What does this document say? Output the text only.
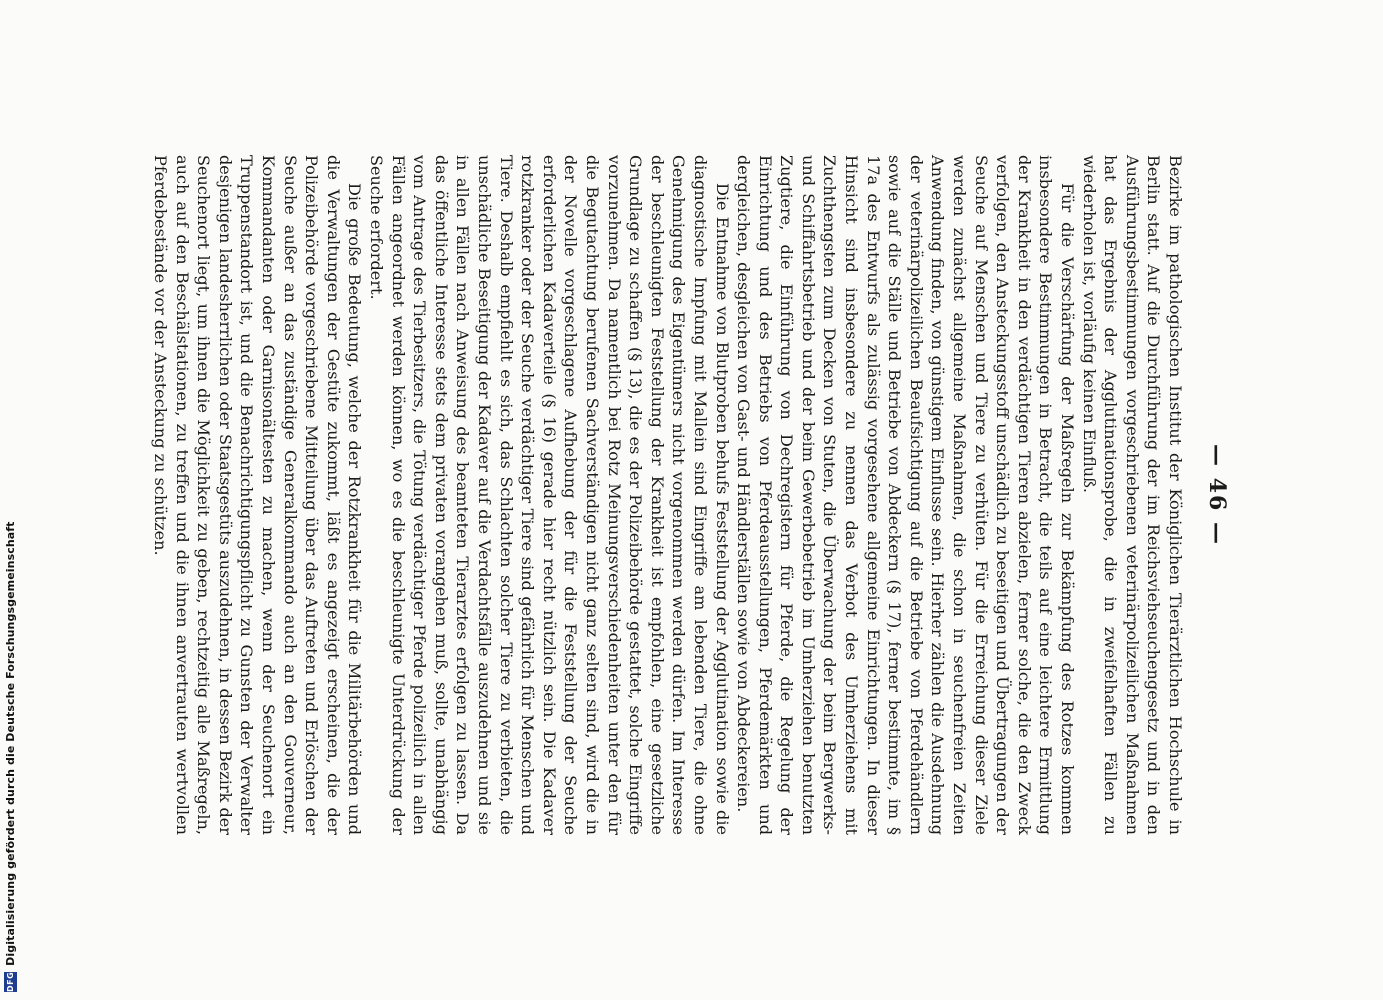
— 46 —

Bezirke im pathologischen Institut der Königlichen Tierärztlichen Hochschule in Berlin statt. Auf die Durchführung der im Reichsviehseuchengesetz und in den Ausführungsbestimmungen vorgeschriebenen veterinärpolizeilichen Maßnahmen hat das Ergebnis der Agglutinationsprobe, die in zweifelhaften Fällen zu wiederholen ist, vorläufig keinen Einfluß.

Für die Verschärfung der Maßregeln zur Bekämpfung des Rotzes kommen insbesondere Bestimmungen in Betracht, die teils auf eine leichtere Ermittlung der Krankheit in den verdächtigen Tieren abzielen, ferner solche, die den Zweck verfolgen, den Ansteckungsstoff unschädlich zu beseitigen und Übertragungen der Seuche auf Menschen und Tiere zu verhüten. Für die Erreichung dieser Ziele werden zunächst allgemeine Maßnahmen, die schon in seuchenfreien Zeiten Anwendung finden, von günstigem Einflusse sein. Hierher zählen die Ausdehnung der veterinärpolizeilichen Beaufsichtigung auf die Betriebe von Pferdehändlern sowie auf die Ställe und Betriebe von Abdeckern (§ 17), ferner bestimmte, im § 17a des Entwurfs als zulässig vorgesehene allgemeine Einrichtungen. In dieser Hinsicht sind insbesondere zu nennen das Verbot des Umherziehens mit Zuchthengsten zum Decken von Stuten, die Überwachung der beim Bergwerks- und Schiffahrtsbetrieb und der beim Gewerbebetrieb im Umherziehen benutzten Zugtiere, die Einführung von Dechregistern für Pferde, die Regelung der Einrichtung und des Betriebs von Pferdeausstellungen, Pferdemärkten und dergleichen, desgleichen von Gast- und Händlerställen sowie von Abdeckereien.

Die Entnahme von Blutproben behufs Feststellung der Agglutination sowie die diagnostische Impfung mit Mallein sind Eingriffe am lebenden Tiere, die ohne Genehmigung des Eigentümers nicht vorgenommen werden dürfen. Im Interesse der beschleunigten Feststellung der Krankheit ist empfohlen, eine gesetzliche Grundlage zu schaffen (§ 13), die es der Polizeibehörde gestattet, solche Eingriffe vorzunehmen. Da namentlich bei Rotz Meinungsverschiedenheiten unter den für die Begutachtung berufenen Sachverständigen nicht ganz selten sind, wird die in der Novelle vorgeschlagene Aufhebung der für die Feststellung der Seuche erforderlichen Kadaverteile (§ 16) gerade hier recht nützlich sein. Die Kadaver rotzkranker oder der Seuche verdächtiger Tiere sind gefährlich für Menschen und Tiere. Deshalb empfiehlt es sich, das Schlachten solcher Tiere zu verbieten, die unschädliche Beseitigung der Kadaver auf die Verdachtsfälle auszudehnen und sie in allen Fällen nach Anweisung des beamteten Tierarztes erfolgen zu lassen. Da das öffentliche Interesse stets dem privaten vorangehen muß, sollte, unabhängig vom Antrage des Tierbesitzers, die Tötung verdächtiger Pferde polizeilich in allen Fällen angeordnet werden können, wo es die beschleunigte Unterdrückung der Seuche erfordert.

Die große Bedeutung, welche der Rotzkrankheit für die Militärbehörden und die Verwaltungen der Gestüte zukommt, läßt es angezeigt erscheinen, die der Polizeibehörde vorgeschriebene Mitteilung über das Auftreten und Erlöschen der Seuche außer an das zuständige Generalkommando auch an den Gouverneur, Kommandanten oder Garnisonältesten zu machen, wenn der Seuchenort ein Truppenstandort ist, und die Benachrichtigungspflicht zu Gunsten der Verwalter desjenigen landesherrlichen oder Staatsgestüts auszudehnen, in dessen Bezirk der Seuchenort liegt, um ihnen die Möglichkeit zu geben, rechtzeitig alle Maßregeln, auch auf den Beschälstationen, zu treffen und die ihnen anvertrauten wertvollen Pferdebestände vor der Ansteckung zu schützen.

DFG
Digitalisierung gefördert durch die Deutsche Forschungsgemeinschaft
